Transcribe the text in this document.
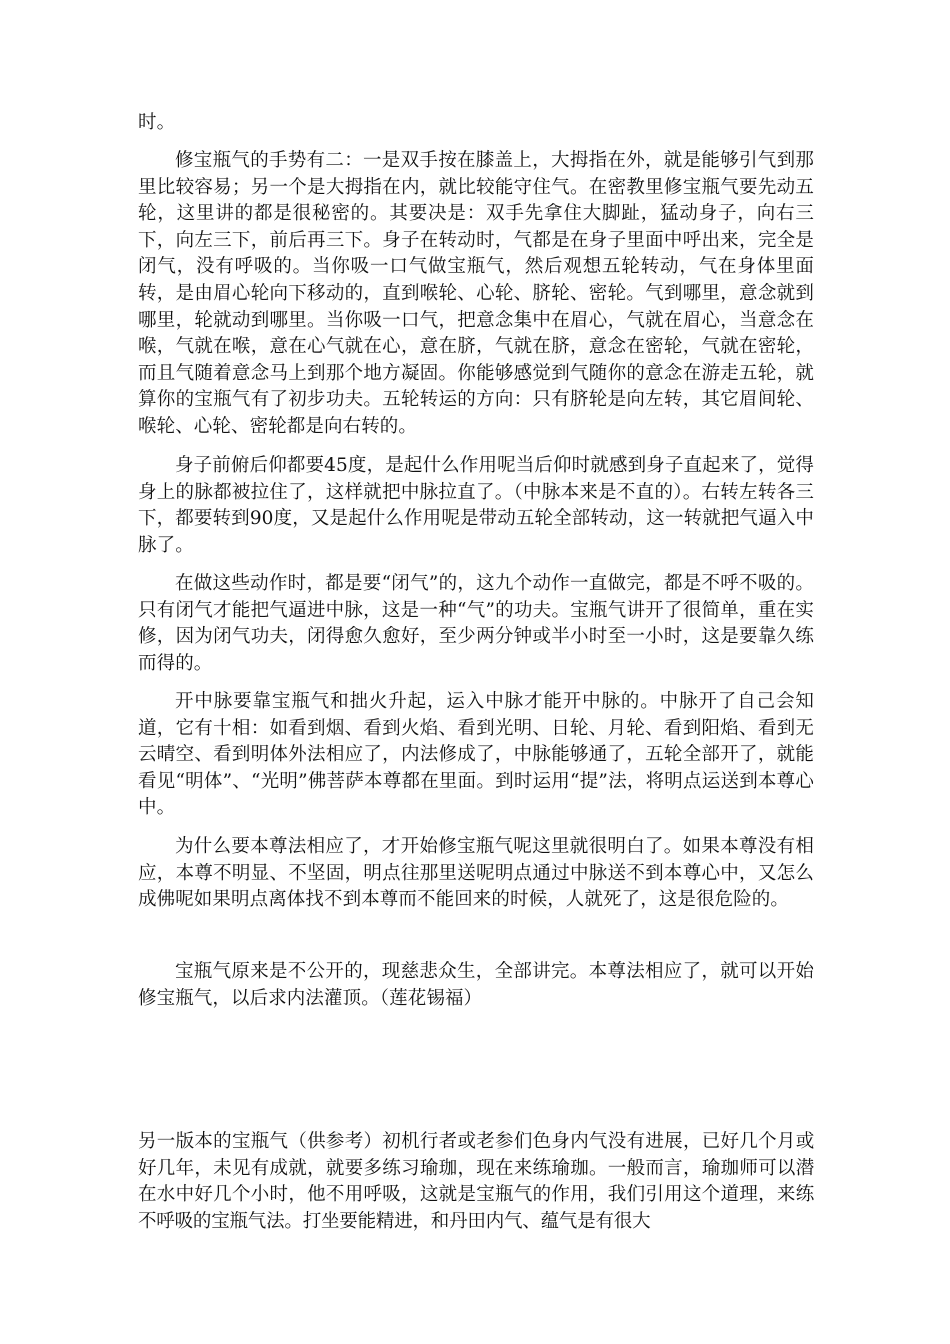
时。

修宝瓶气的手势有二：一是双手按在膝盖上，大拇指在外，就是能够引气到那里比较容易；另一个是大拇指在内，就比较能守住气。在密教里修宝瓶气要先动五轮，这里讲的都是很秘密的。其要决是：双手先拿住大脚趾，猛动身子，向右三下，向左三下，前后再三下。身子在转动时，气都是在身子里面中呼出来，完全是闭气，没有呼吸的。当你吸一口气做宝瓶气，然后观想五轮转动，气在身体里面转，是由眉心轮向下移动的，直到喉轮、心轮、脐轮、密轮。气到哪里，意念就到哪里，轮就动到哪里。当你吸一口气，把意念集中在眉心，气就在眉心，当意念在喉，气就在喉，意在心气就在心，意在脐，气就在脐，意念在密轮，气就在密轮，而且气随着意念马上到那个地方凝固。你能够感觉到气随你的意念在游走五轮，就算你的宝瓶气有了初步功夫。五轮转运的方向：只有脐轮是向左转，其它眉间轮、喉轮、心轮、密轮都是向右转的。

身子前俯后仰都要45度，是起什么作用呢当后仰时就感到身子直起来了，觉得身上的脉都被拉住了，这样就把中脉拉直了。（中脉本来是不直的）。右转左转各三下，都要转到90度，又是起什么作用呢是带动五轮全部转动，这一转就把气逼入中脉了。

在做这些动作时，都是要“闭气”的，这九个动作一直做完，都是不呼不吸的。只有闭气才能把气逼进中脉，这是一种“气”的功夫。宝瓶气讲开了很简单，重在实修，因为闭气功夫，闭得愈久愈好，至少两分钟或半小时至一小时，这是要靠久练而得的。

开中脉要靠宝瓶气和拙火升起，运入中脉才能开中脉的。中脉开了自己会知道，它有十相：如看到烟、看到火焰、看到光明、日轮、月轮、看到阳焰、看到无云晴空、看到明体外法相应了，内法修成了，中脉能够通了，五轮全部开了，就能看见“明体”、“光明”佛菩萨本尊都在里面。到时运用“提”法，将明点运送到本尊心中。

为什么要本尊法相应了，才开始修宝瓶气呢这里就很明白了。如果本尊没有相应，本尊不明显、不坚固，明点往那里送呢明点通过中脉送不到本尊心中，又怎么成佛呢如果明点离体找不到本尊而不能回来的时候，人就死了，这是很危险的。

宝瓶气原来是不公开的，现慈悲众生，全部讲完。本尊法相应了，就可以开始修宝瓶气，以后求内法灌顶。（莲花锡福）

另一版本的宝瓶气（供参考）初机行者或老参们色身内气没有进展，已好几个月或好几年，未见有成就，就要多练习瑜珈，现在来练瑜珈。一般而言，瑜珈师可以潜在水中好几个小时，他不用呼吸，这就是宝瓶气的作用，我们引用这个道理，来练不呼吸的宝瓶气法。打坐要能精进，和丹田内气、蕴气是有很大
